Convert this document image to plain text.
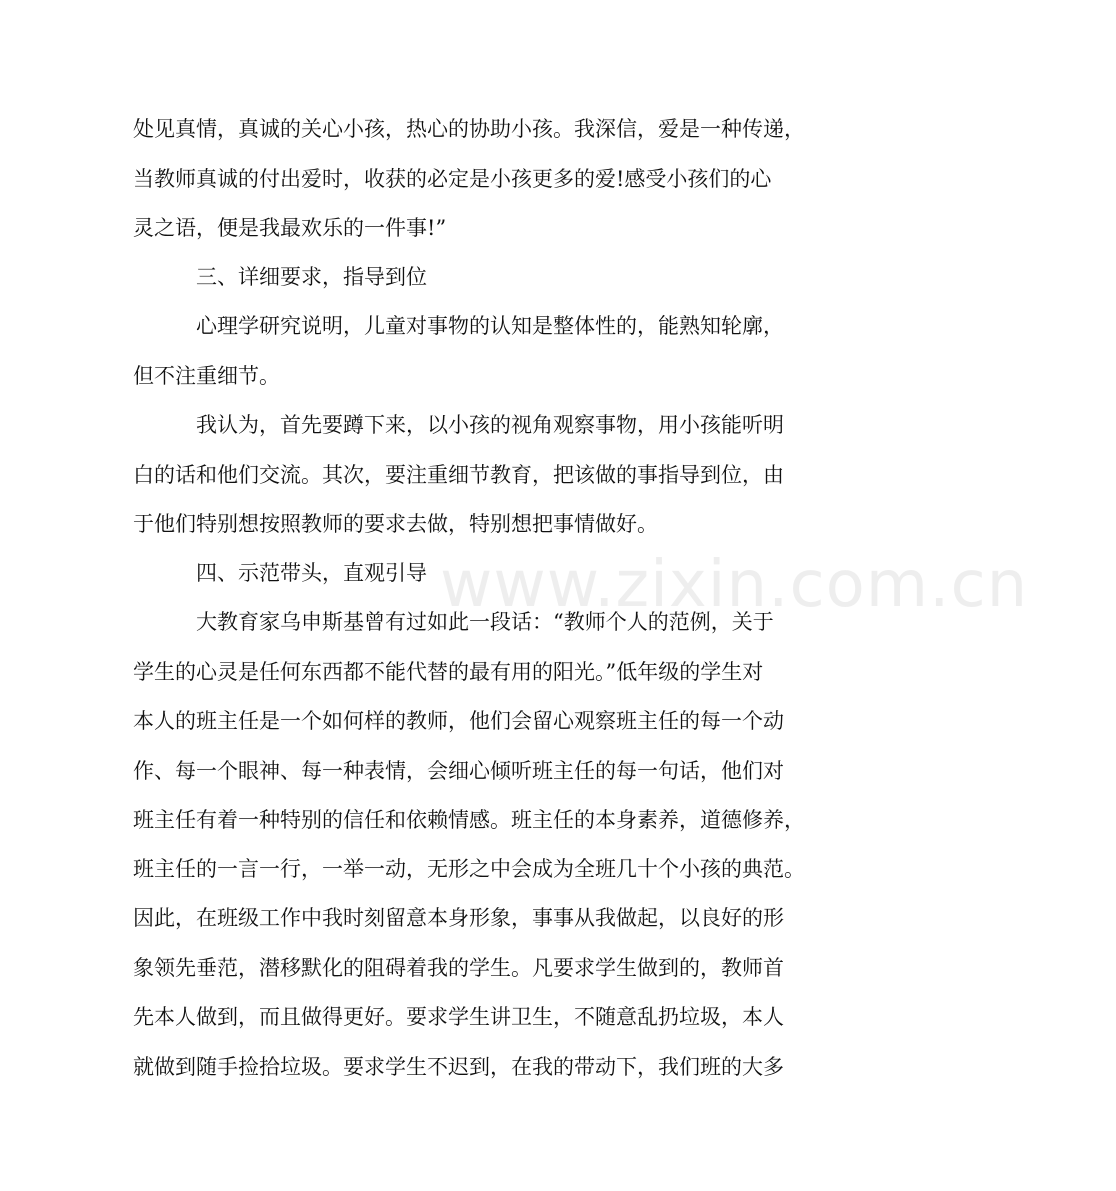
处见真情，真诚的关心小孩，热心的协助小孩。我深信，爱是一种传递，
当教师真诚的付出爱时，收获的必定是小孩更多的爱!感受小孩们的心
灵之语，便是我最欢乐的一件事!”
三、详细要求，指导到位
心理学研究说明，儿童对事物的认知是整体性的，能熟知轮廓，
但不注重细节。
我认为，首先要蹲下来，以小孩的视角观察事物，用小孩能听明
白的话和他们交流。其次，要注重细节教育，把该做的事指导到位，由
于他们特别想按照教师的要求去做，特别想把事情做好。
四、示范带头，直观引导
大教育家乌申斯基曾有过如此一段话：“教师个人的范例，关于
学生的心灵是任何东西都不能代替的最有用的阳光。”低年级的学生对
本人的班主任是一个如何样的教师，他们会留心观察班主任的每一个动
作、每一个眼神、每一种表情，会细心倾听班主任的每一句话，他们对
班主任有着一种特别的信任和依赖情感。班主任的本身素养，道德修养，
班主任的一言一行，一举一动，无形之中会成为全班几十个小孩的典范。
因此，在班级工作中我时刻留意本身形象，事事从我做起，以良好的形
象领先垂范，潜移默化的阻碍着我的学生。凡要求学生做到的，教师首
先本人做到，而且做得更好。要求学生讲卫生，不随意乱扔垃圾，本人
就做到随手捡拾垃圾。要求学生不迟到，在我的带动下，我们班的大多
www.zixin.com.cn
